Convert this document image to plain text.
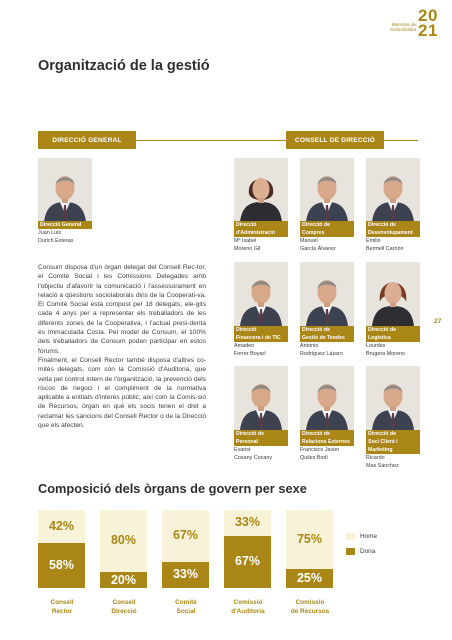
Memòria de
Sostenibilitat
20
21
Organització de la gestió
DIRECCIÓ GENERAL	CONSELL DE DIRECCIÓ
Direcció General
Juan Luis
Durich Esteras
Direcció
d'Administració
Mª Isabel
Moreno Gil
Direcció de
Compres
Manuel
García Álvarez
Direcció de
Desenvolupament
Emilio
Bermell Carrión
Direcció
Financera i de TIC
Amadeo
Ferrer Boyarí
Direcció de
Gestió de Tendes
Antonio
Rodríguez Lázaro
Direcció de
Logística
Lourdes
Brugera Moreno
Direcció de
Personal
Evarist
Cosany Cocany
Direcció de
Relacions Externes
Francisco Javier
Quiles Bodí
Direcció de
Soci Client i
Marketing
Ricardo
Mas Sánchez
Consum disposa d'un òrgan delegat del Consell Rec-tor, el Comitè Social i les Comissions Delegades amb l'objectiu d'afavorir la comunicació i l'assessorament en relació a qüestions sociolaborals dins de la Cooperati-va. El Comitè Social està compost per 18 delegats, ele-gits cada 4 anys per a representar els treballadors de les diferents zones de la Cooperativa, i l'actual presi-denta és Immaculada Costa. Pel model de Consum, el 100% dels treballadors de Consum poden participar en estos fòrums.
Finalment, el Consell Rector també disposa d'altres co-mitès delegats, com són la Comissió d'Auditoria, que vetla pel control intern de l'organització, la prevenció dels riscos de negoci i el compliment de la normativa aplicable a entitats d'interés públic; així com la Comis-sió de Recursos, òrgan en què els socis tenen el dret a reclamar les sancions del Consell Rector o de la Direcció que els afecten.
27
Composició dels òrgans de govern per sexe
42%
58%
Consell
Rector
80%
20%
Consell
Direcció
67%
33%
Comitè
Social
33%
67%
Comissió
d'Auditoria
75%
25%
Comissió
de Recursos
Home
Dona
